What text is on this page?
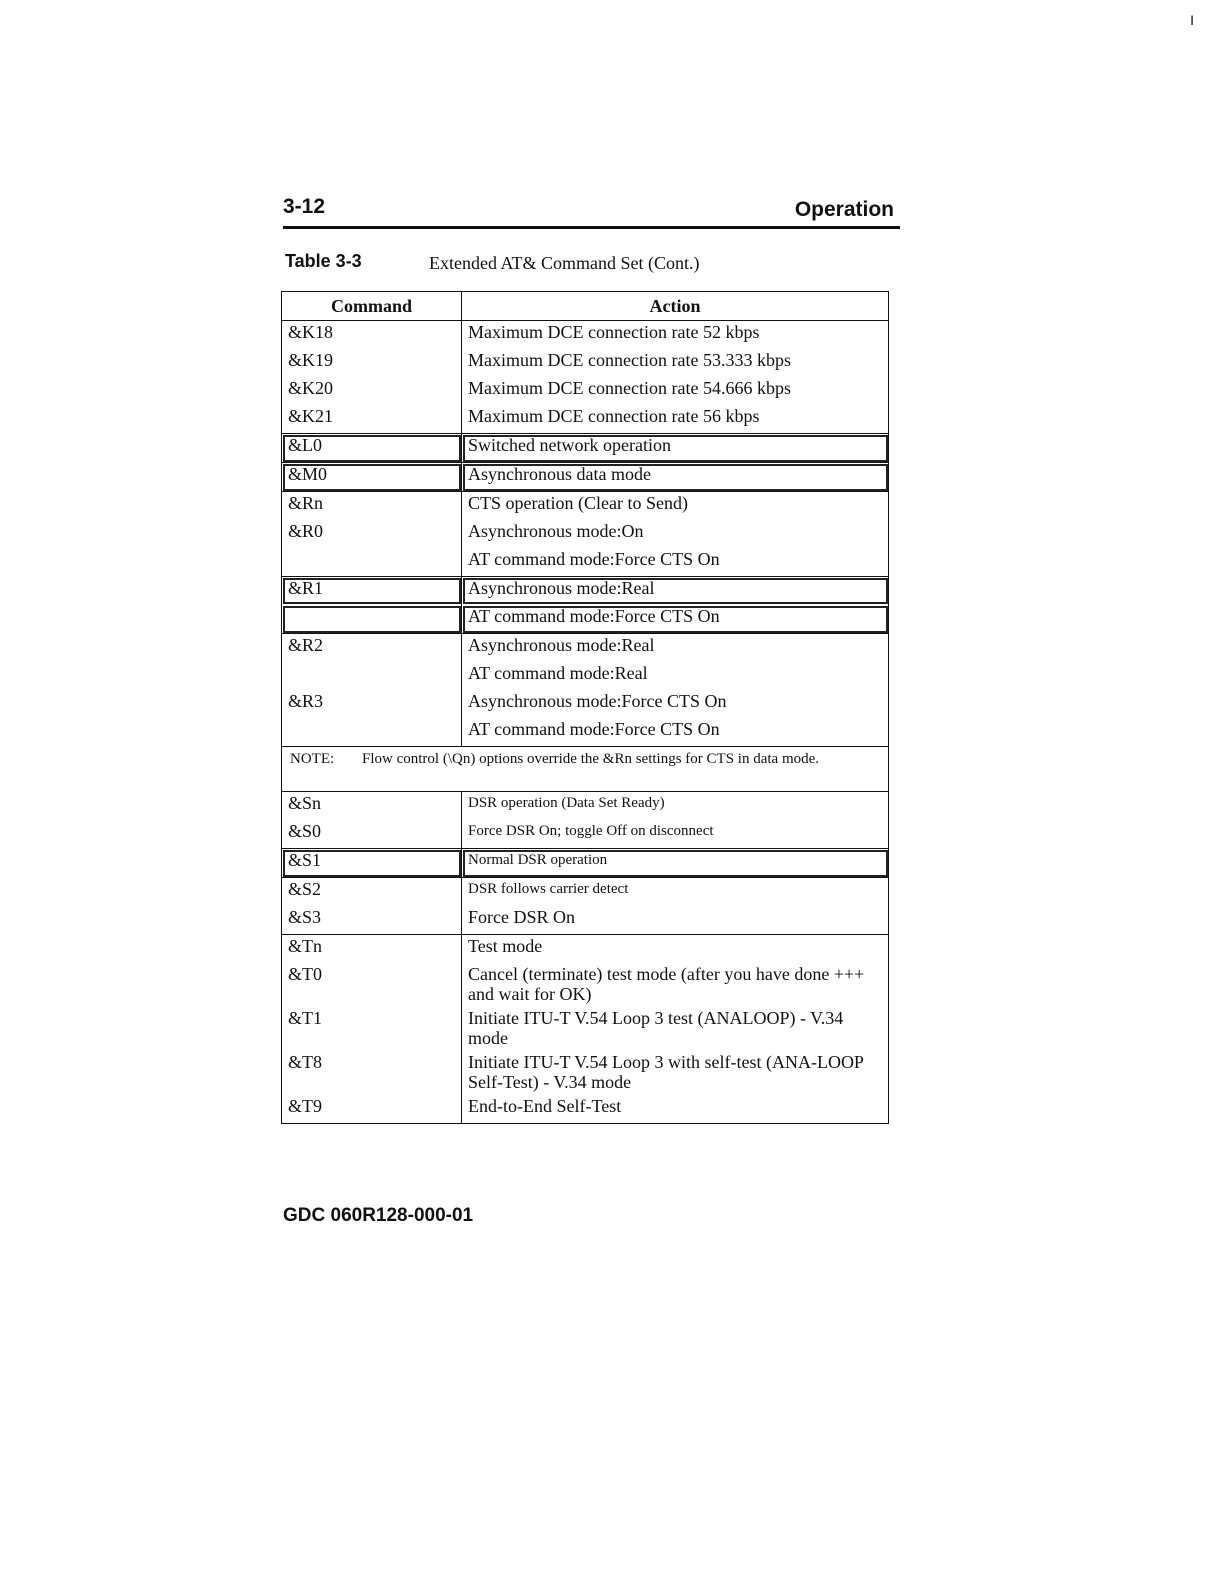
I
3-12	Operation
Table 3-3	Extended AT& Command Set (Cont.)
Command	Action
&K18	Maximum DCE connection rate 52 kbps
&K19	Maximum DCE connection rate 53.333 kbps
&K20	Maximum DCE connection rate 54.666 kbps
&K21	Maximum DCE connection rate 56 kbps
&L0	Switched network operation
&M0	Asynchronous data mode
&Rn	CTS operation (Clear to Send)
&R0	Asynchronous mode:On
	AT command mode:Force CTS On
&R1	Asynchronous mode:Real
	AT command mode:Force CTS On
&R2	Asynchronous mode:Real
	AT command mode:Real
&R3	Asynchronous mode:Force CTS On
	AT command mode:Force CTS On

NOTE: Flow control (\Qn) options override the &Rn settings for CTS in data mode.	

&Sn	DSR operation (Data Set Ready)
&S0	Force DSR On; toggle Off on disconnect
&S1	Normal DSR operation
&S2	DSR follows carrier detect
&S3	Force DSR On
&Tn	Test mode
&T0	Cancel (terminate) test mode (after you have done +++ and wait for OK)
&T1	Initiate ITU-T V.54 Loop 3 test (ANALOOP) - V.34 mode
&T8	Initiate ITU-T V.54 Loop 3 with self-test (ANA-LOOP Self-Test) - V.34 mode
&T9	End-to-End Self-Test
GDC 060R128-000-01
